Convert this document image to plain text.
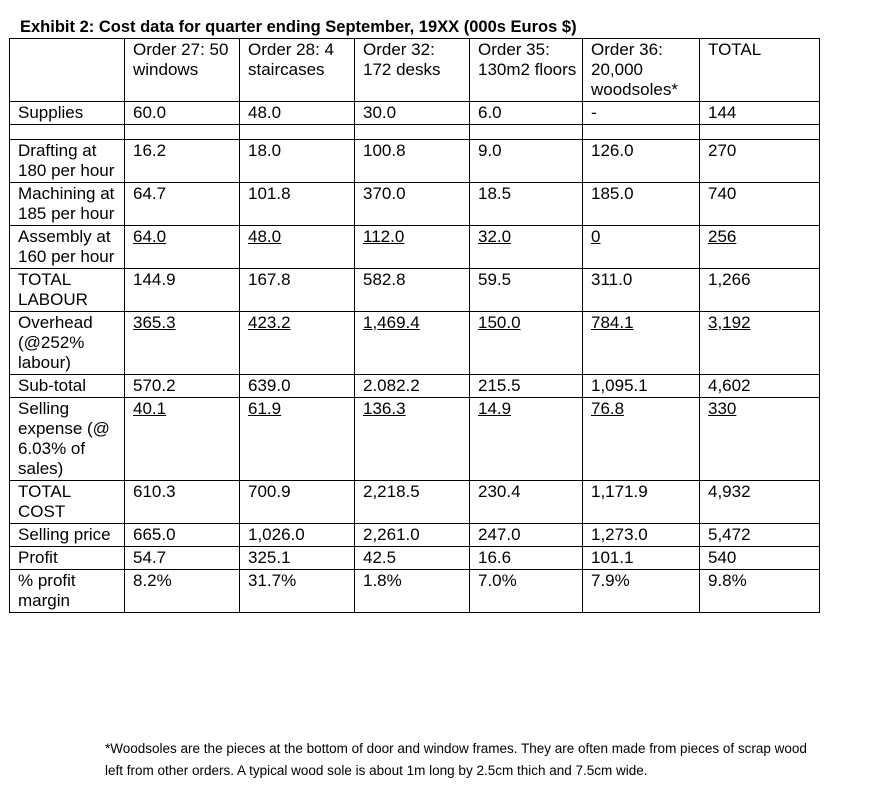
Exhibit 2: Cost data for quarter ending September, 19XX (000s Euros $)
	Order 27: 50 windows	Order 28: 4 staircases	Order 32: 172 desks	Order 35: 130m2 floors	Order 36: 20,000 woodsoles*	TOTAL
Supplies	60.0	48.0	30.0	6.0	-	144

Drafting at 180 per hour	16.2	18.0	100.8	9.0	126.0	270
Machining at 185 per hour	64.7	101.8	370.0	18.5	185.0	740
Assembly at 160 per hour	64.0	48.0	112.0	32.0	0	256
TOTAL LABOUR	144.9	167.8	582.8	59.5	311.0	1,266
Overhead (@252% labour)	365.3	423.2	1,469.4	150.0	784.1	3,192
Sub-total	570.2	639.0	2.082.2	215.5	1,095.1	4,602
Selling expense (@ 6.03% of sales)	40.1	61.9	136.3	14.9	76.8	330
TOTAL COST	610.3	700.9	2,218.5	230.4	1,171.9	4,932
Selling price	665.0	1,026.0	2,261.0	247.0	1,273.0	5,472
Profit	54.7	325.1	42.5	16.6	101.1	540
% profit margin	8.2%	31.7%	1.8%	7.0%	7.9%	9.8%

*Woodsoles are the pieces at the bottom of door and window frames. They are often made from pieces of scrap wood left from other orders. A typical wood sole is about 1m long by 2.5cm thich and 7.5cm wide.
